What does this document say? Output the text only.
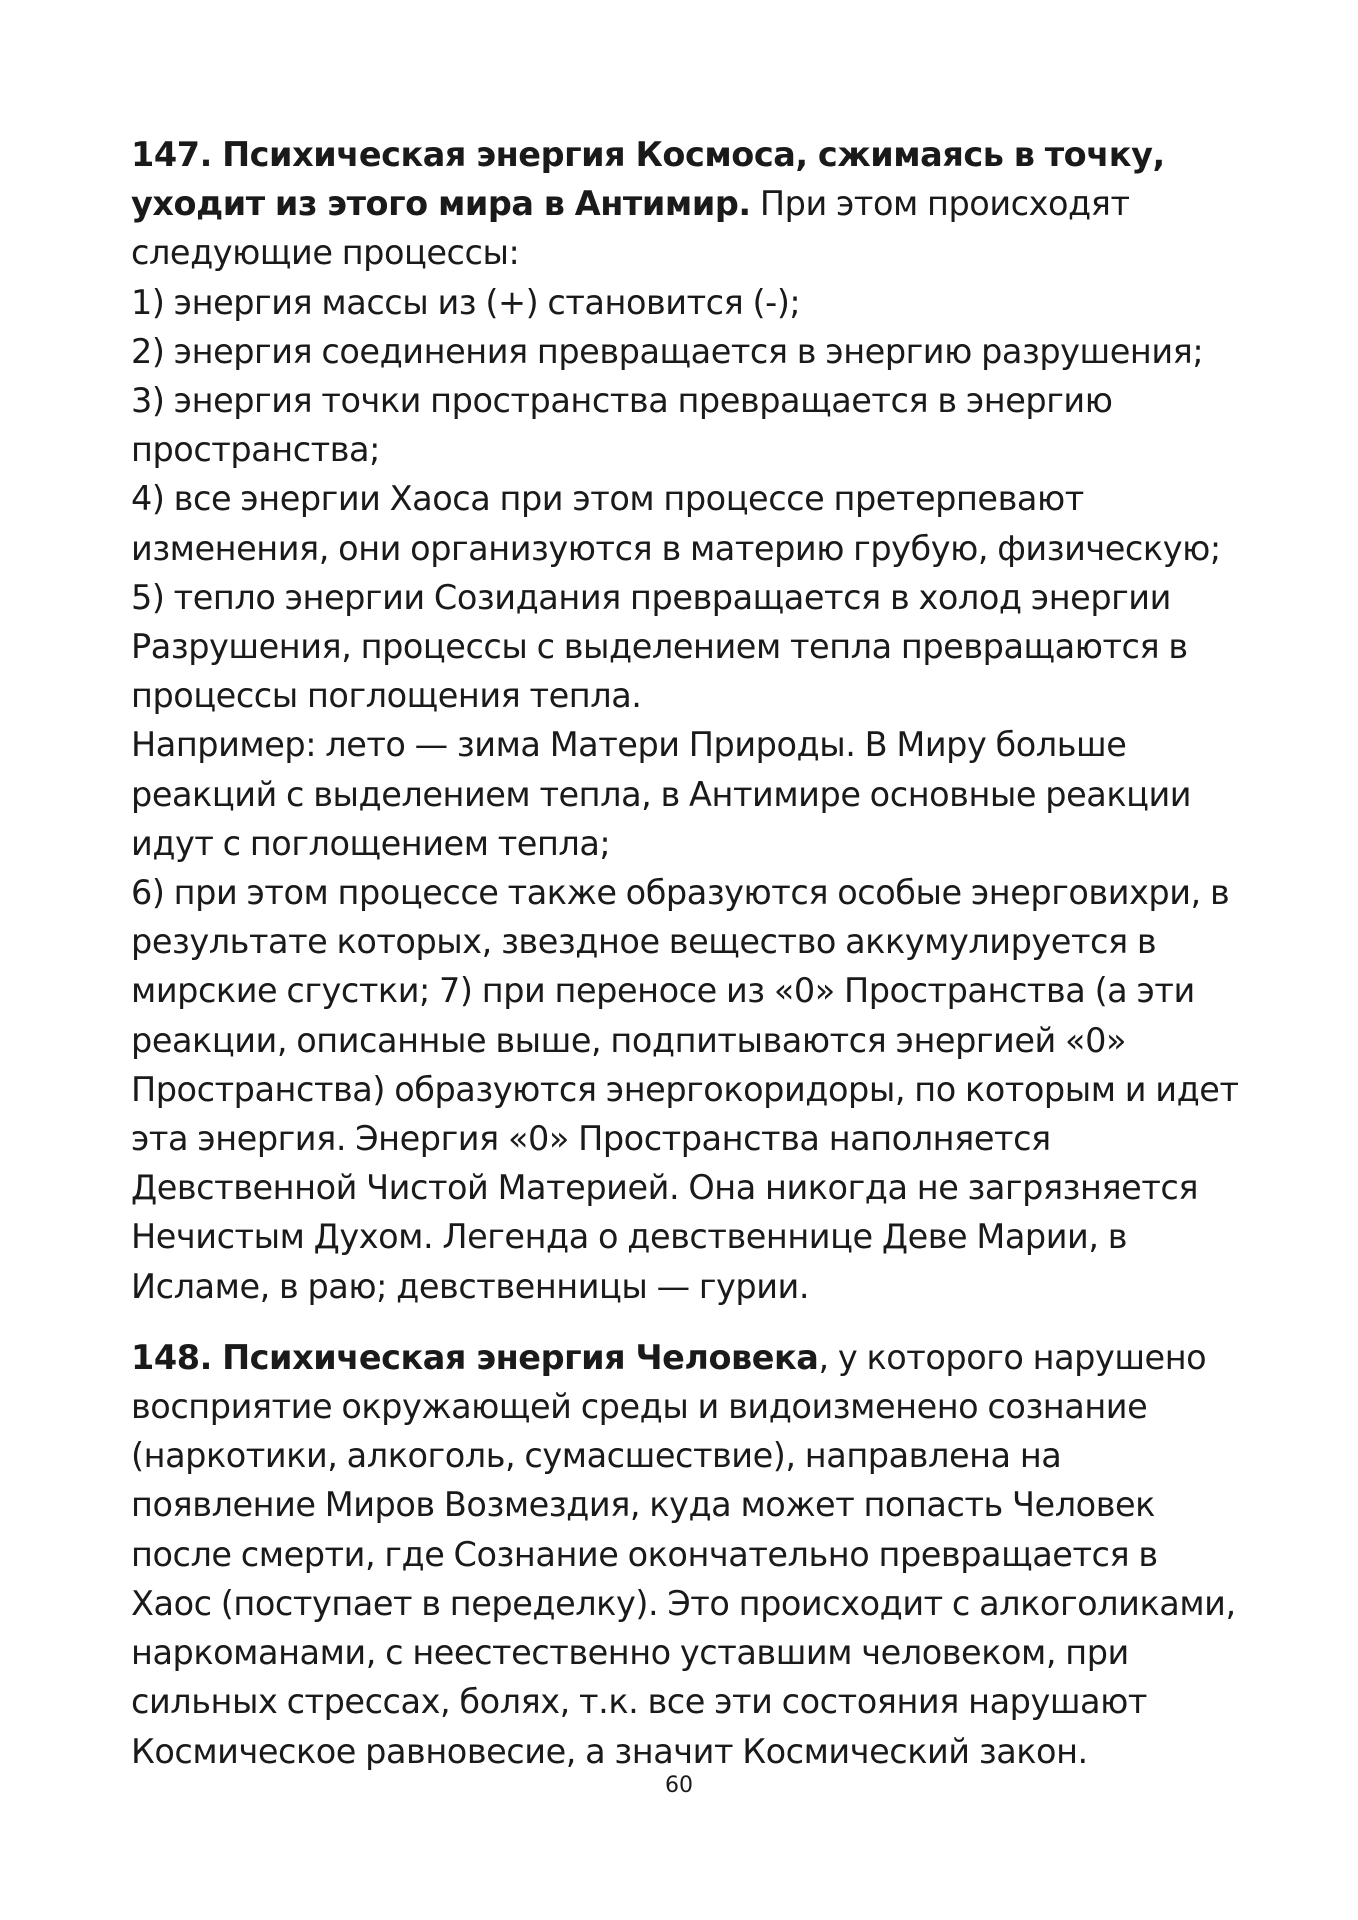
147. Психическая энергия Космоса, сжимаясь в точку, уходит из этого мира в Антимир. При этом происходят следующие процессы:

1) энергия массы из (+) становится (-);

2) энергия соединения превращается в энергию разрушения;

3) энергия точки пространства превращается в энергию пространства;

4) все энергии Хаоса при этом процессе претерпевают изменения, они организуются в материю грубую, физическую;

5) тепло энергии Созидания превращается в холод энергии Разрушения, процессы с выделением тепла превращаются в процессы поглощения тепла.

Например: лето — зима Матери Природы. В Миру больше реакций с выделением тепла, в Антимире основные реакции идут с поглощением тепла;

6) при этом процессе также образуются особые энерговихри, в результате которых, звездное вещество аккумулируется в мирские сгустки; 7) при переносе из «0» Пространства (а эти реакции, описанные выше, подпитываются энергией «0» Пространства) образуются энергокоридоры, по которым и идет эта энергия. Энергия «0» Пространства наполняется Девственной Чистой Материей. Она никогда не загрязняется Нечистым Духом. Легенда о девственнице Деве Марии, в Исламе, в раю; девственницы — гурии.

148. Психическая энергия Человека, у которого нарушено восприятие окружающей среды и видоизменено сознание (наркотики, алкоголь, сумасшествие), направлена на появление Миров Возмездия, куда может попасть Человек после смерти, где Сознание окончательно превращается в Хаос (поступает в переделку). Это происходит с алкоголиками, наркоманами, с неестественно уставшим человеком, при сильных стрессах, болях, т.к. все эти состояния нарушают Космическое равновесие, а значит Космический закон.

60
